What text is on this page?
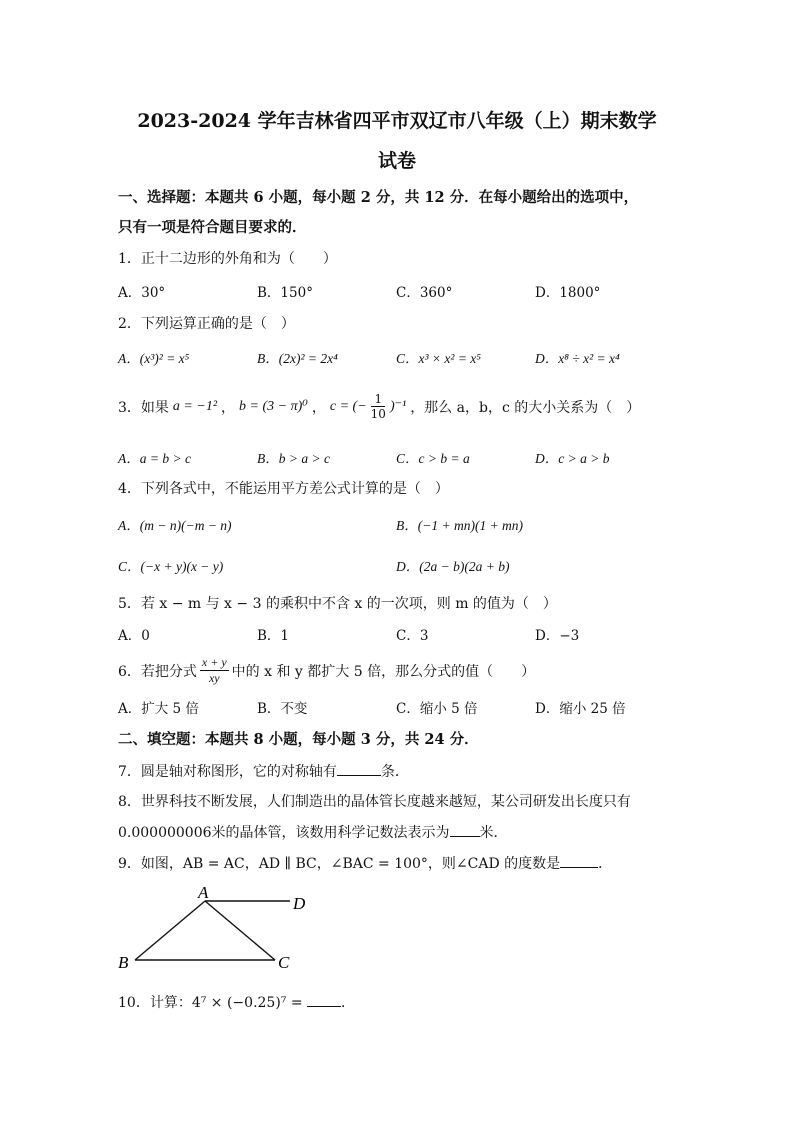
2023-2024 学年吉林省四平市双辽市八年级（上）期末数学
试卷
一、选择题：本题共 6 小题，每小题 2 分，共 12 分．在每小题给出的选项中，
只有一项是符合题目要求的．
1．正十二边形的外角和为（　　）
A．30°	B．150°	C．360°	D．1800°
2．下列运算正确的是（　）
A．(x³)² = x⁵	B．(2x)² = 2x⁴	C．x³ × x² = x⁵	D．x⁸ ÷ x² = x⁴
3．如果 a = −1² ， b = (3 − π)⁰ ， c = (− $\frac{1}{10} )^{-1}$ ，那么 a，b，c 的大小关系为（　）
A．a = b > c	B．b > a > c	C．c > b = a	D．c > a > b
4．下列各式中，不能运用平方差公式计算的是（　）
A．(m − n)(−m − n)	B．(−1 + mn)(1 + mn)
C．(−x + y)(x − y)	D．(2a − b)(2a + b)
5．若 x − m 与 x − 3 的乘积中不含 x 的一次项，则 m 的值为（　）
A．0	B．1	C．3	D．−3
6．若把分式 $\frac{x + y}{xy}$ 中的 x 和 y 都扩大 5 倍，那么分式的值（　　）
A．扩大 5 倍	B．不变	C．缩小 5 倍	D．缩小 25 倍
二、填空题：本题共 8 小题，每小题 3 分，共 24 分．
7．圆是轴对称图形，它的对称轴有	条．
8．世界科技不断发展，人们制造出的晶体管长度越来越短，某公司研发出长度只有
0.000000006米的晶体管，该数用科学记数法表示为 米．
9．如图，AB = AC，AD ∥ BC，∠BAC = 100°，则∠CAD 的度数是	．
A
D
B	C
10．计算：4⁷ × (−0.25)⁷ =	．
